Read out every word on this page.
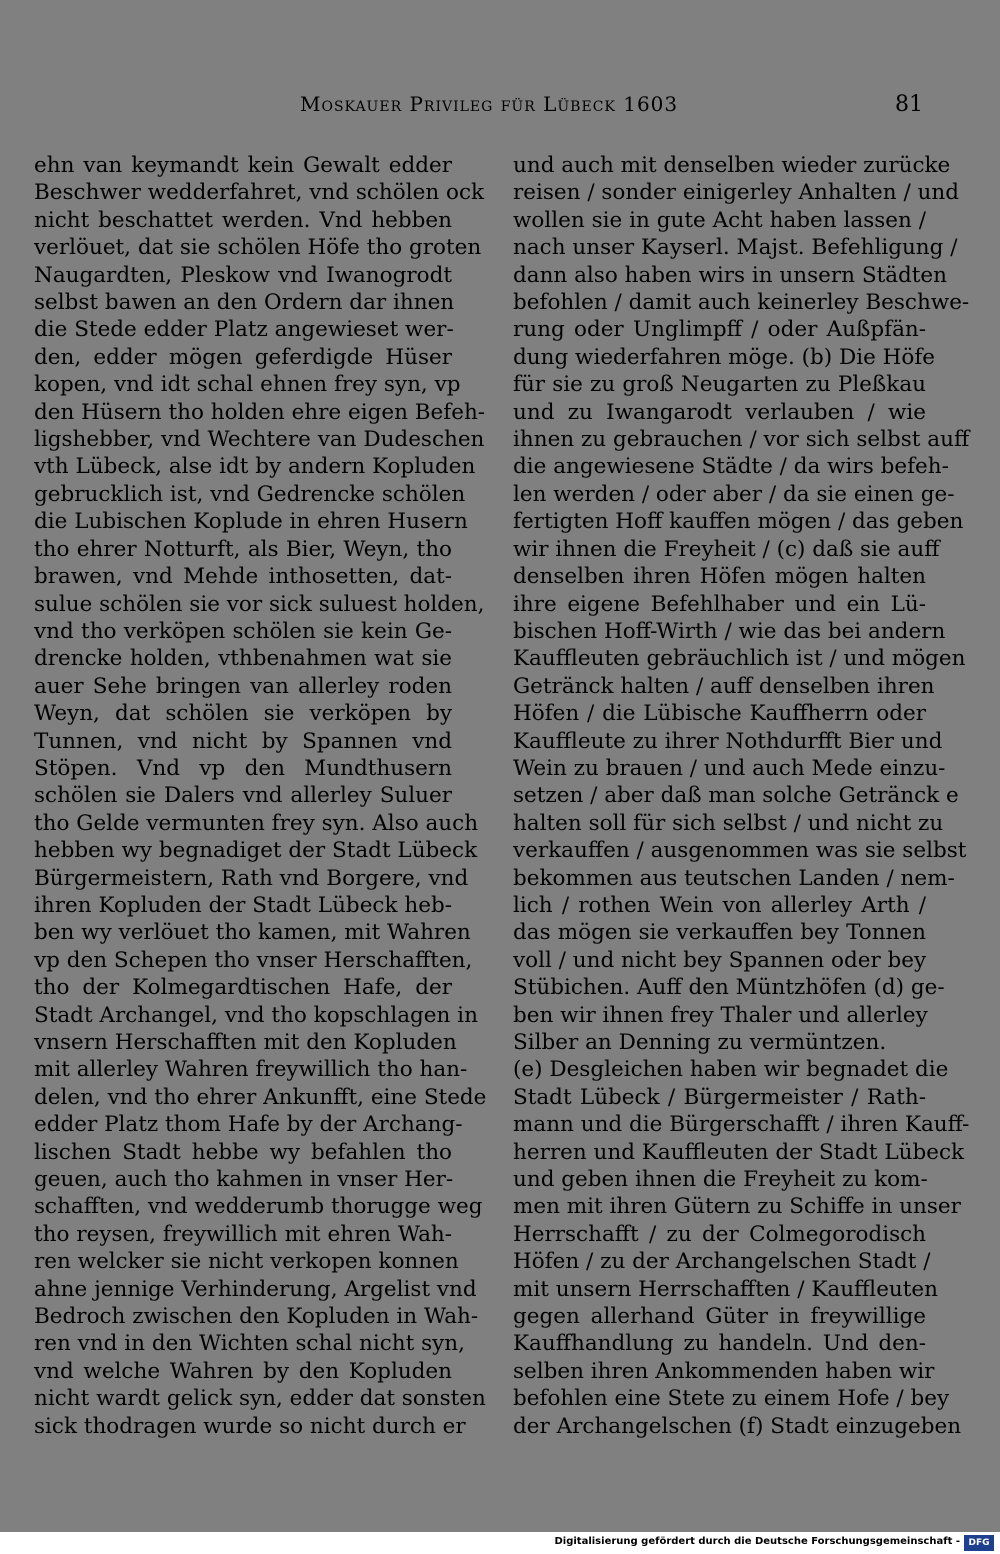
Moskauer Privileg für Lübeck 1603	81
ehn van keymandt kein Gewalt edder
Beschwer wedderfahret, vnd schölen ock
nicht beschattet werden. Vnd hebben
verlöuet, dat sie schölen Höfe tho groten
Naugardten, Pleskow vnd Iwanogrodt
selbst bawen an den Ordern dar ihnen
die Stede edder Platz angewieset wer-
den, edder mögen geferdigde Hüser
kopen, vnd idt schal ehnen frey syn, vp
den Hüsern tho holden ehre eigen Befeh-
ligshebber, vnd Wechtere van Dudeschen
vth Lübeck, alse idt by andern Kopluden
gebrucklich ist, vnd Gedrencke schölen
die Lubischen Koplude in ehren Husern
tho ehrer Notturft, als Bier, Weyn, tho
brawen, vnd Mehde inthosetten, dat-
sulue schölen sie vor sick suluest holden,
vnd tho verköpen schölen sie kein Ge-
drencke holden, vthbenahmen wat sie
auer Sehe bringen van allerley roden
Weyn, dat schölen sie verköpen by
Tunnen, vnd nicht by Spannen vnd
Stöpen. Vnd vp den Mundthusern
schölen sie Dalers vnd allerley Suluer
tho Gelde vermunten frey syn. Also auch
hebben wy begnadiget der Stadt Lübeck
Bürgermeistern, Rath vnd Borgere, vnd
ihren Kopluden der Stadt Lübeck heb-
ben wy verlöuet tho kamen, mit Wahren
vp den Schepen tho vnser Herschafften,
tho der Kolmegardtischen Hafe, der
Stadt Archangel, vnd tho kopschlagen in
vnsern Herschafften mit den Kopluden
mit allerley Wahren freywillich tho han-
delen, vnd tho ehrer Ankunfft, eine Stede
edder Platz thom Hafe by der Archang-
lischen Stadt hebbe wy befahlen tho
geuen, auch tho kahmen in vnser Her-
schafften, vnd wedderumb thorugge weg
tho reysen, freywillich mit ehren Wah-
ren welcker sie nicht verkopen konnen
ahne jennige Verhinderung, Argelist vnd
Bedroch zwischen den Kopluden in Wah-
ren vnd in den Wichten schal nicht syn,
vnd welche Wahren by den Kopluden
nicht wardt gelick syn, edder dat sonsten
sick thodragen wurde so nicht durch er
und auch mit denselben wieder zurücke
reisen / sonder einigerley Anhalten / und
wollen sie in gute Acht haben lassen /
nach unser Kayserl. Majst. Befehligung /
dann also haben wirs in unsern Städten
befohlen / damit auch keinerley Beschwe-
rung oder Unglimpff / oder Außpfän-
dung wiederfahren möge. (b) Die Höfe
für sie zu groß Neugarten zu Pleßkau
und zu Iwangarodt verlauben / wie
ihnen zu gebrauchen / vor sich selbst auff
die angewiesene Städte / da wirs befeh-
len werden / oder aber / da sie einen ge-
fertigten Hoff kauffen mögen / das geben
wir ihnen die Freyheit / (c) daß sie auff
denselben ihren Höfen mögen halten
ihre eigene Befehlhaber und ein Lü-
bischen Hoff-Wirth / wie das bei andern
Kauffleuten gebräuchlich ist / und mögen
Getränck halten / auff denselben ihren
Höfen / die Lübische Kauffherrn oder
Kauffleute zu ihrer Nothdurfft Bier und
Wein zu brauen / und auch Mede einzu-
setzen / aber daß man solche Getränck e
halten soll für sich selbst / und nicht zu
verkauffen / ausgenommen was sie selbst
bekommen aus teutschen Landen / nem-
lich / rothen Wein von allerley Arth /
das mögen sie verkauffen bey Tonnen
voll / und nicht bey Spannen oder bey
Stübichen. Auff den Müntzhöfen (d) ge-
ben wir ihnen frey Thaler und allerley
Silber an Denning zu vermüntzen.
(e) Desgleichen haben wir begnadet die
Stadt Lübeck / Bürgermeister / Rath-
mann und die Bürgerschafft / ihren Kauff-
herren und Kauffleuten der Stadt Lübeck
und geben ihnen die Freyheit zu kom-
men mit ihren Gütern zu Schiffe in unser
Herrschafft / zu der Colmegorodisch
Höfen / zu der Archangelschen Stadt /
mit unsern Herrschafften / Kauffleuten
gegen allerhand Güter in freywillige
Kauffhandlung zu handeln. Und den-
selben ihren Ankommenden haben wir
befohlen eine Stete zu einem Hofe / bey
der Archangelschen (f) Stadt einzugeben
Digitalisierung gefördert durch die Deutsche Forschungsgemeinschaft - DFG
